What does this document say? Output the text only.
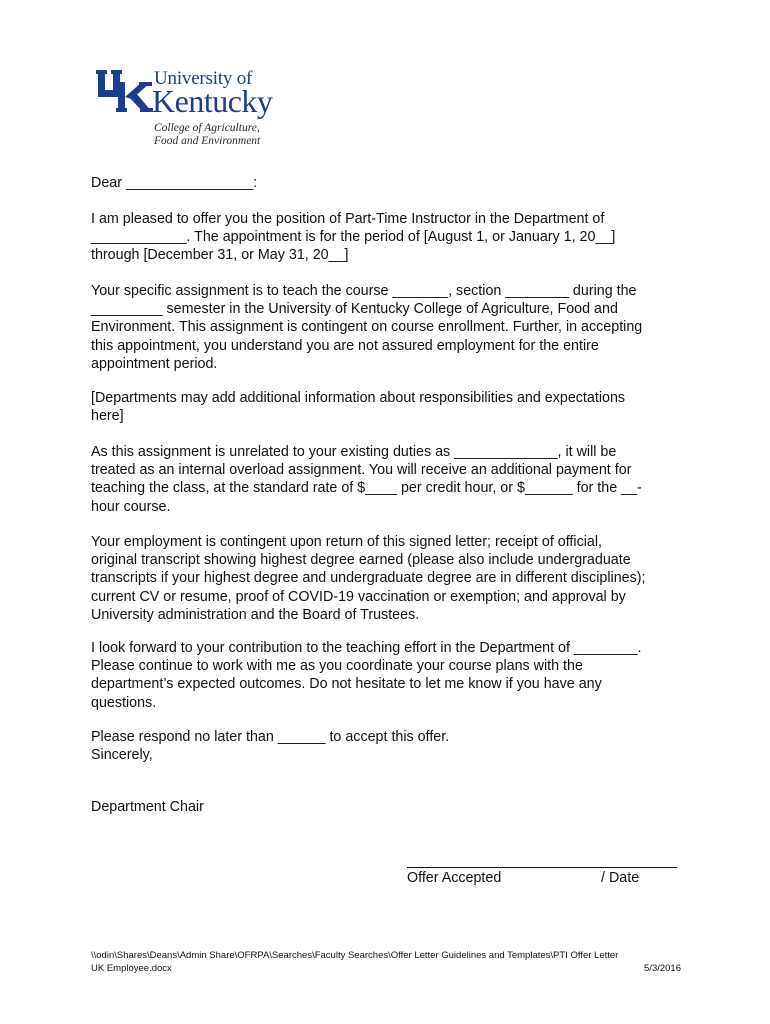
University of
Kentucky
College of Agriculture,
Food and Environment

Dear ________________:

I am pleased to offer you the position of Part-Time Instructor in the Department of
____________. The appointment is for the period of [August 1, or January 1, 20__]
through [December 31, or May 31, 20__]

Your specific assignment is to teach the course _______, section ________ during the
_________ semester in the University of Kentucky College of Agriculture, Food and
Environment. This assignment is contingent on course enrollment. Further, in accepting
this appointment, you understand you are not assured employment for the entire
appointment period.

[Departments may add additional information about responsibilities and expectations
here]

As this assignment is unrelated to your existing duties as _____________, it will be
treated as an internal overload assignment. You will receive an additional payment for
teaching the class, at the standard rate of $____ per credit hour, or $______ for the __-
hour course.

Your employment is contingent upon return of this signed letter; receipt of official,
original transcript showing highest degree earned (please also include undergraduate
transcripts if your highest degree and undergraduate degree are in different disciplines);
current CV or resume, proof of COVID-19 vaccination or exemption; and approval by
University administration and the Board of Trustees.

I look forward to your contribution to the teaching effort in the Department of ________.
Please continue to work with me as you coordinate your course plans with the
department’s expected outcomes. Do not hesitate to let me know if you have any
questions.

Please respond no later than ______ to accept this offer.
Sincerely,

Department Chair

Offer Accepted	/ Date
\\odin\Shares\Deans\Admin Share\OFRPA\Searches\Faculty Searches\Offer Letter Guidelines and Templates\PTI Offer Letter
UK Employee.docx	5/3/2016
